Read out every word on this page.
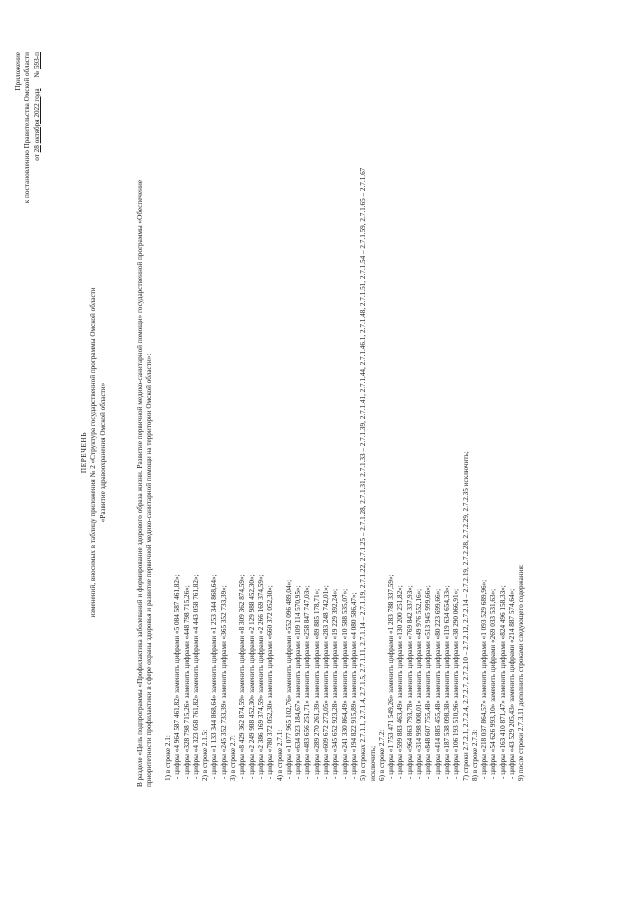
Приложение к постановлению Правительства Омской области от 28 октября 2022 года      № 593-п
ПЕРЕЧЕНЬ изменений, вносимых в таблицу приложения № 2 «Структура государственной программы Омской области «Развитие здравоохранения Омской области»	В разделе «Цель подпрограммы «Профилактика заболеваний и формирование здорового образа жизни. Развитие первичной медико-санитарной помощи» государственной программы «Обеспечение приоритетности профилактики в сфере охраны здоровья и развитие первичной медико-санитарной помощи на территории Омской области»: 1) в строке 2.1: - цифры «4 964 587 461,82» заменить цифрами «5 084 587 461,82»; - цифры «328 798 715,26» заменить цифрами «448 798 715,26»; - цифры «4 323 058 761,82» заменить цифрами «4 443 058 761,82»; 2) в строке 2.1.5: - цифры «1 133 344 868,64» заменить цифрами «1 253 344 868,64»; - цифры «245 352 733,39» заменить цифрами «365 352 733,39»; 3) в строке 2.7: - цифры «8 429 362 874,59» заменить цифрами «8 309 362 874,59»; - цифры «2 249 988 452,30» заменить цифрами «2 129 988 452,30»; - цифры «2 386 169 374,59» заменить цифрами «2 266 169 374,59»; - цифры «780 372 052,30» заменить цифрами «660 372 052,30»; 4) в строке 2.7.1: - цифры «1 077 965 102,76» заменить цифрами «552 096 489,04»; - цифры «634 923 184,67» заменить цифрами «109 114 570,95»; - цифры «483 656 251,71» заменить цифрами «258 847 747,03»; - цифры «289 270 261,39» заменить цифрами «89 885 178,71»; - цифры «609 672 273,05» заменить цифрами «283 248 742,01»; - цифры «345 652 923,28» заменить цифрами «19 229 392,24»; - цифры «241 330 864,49» заменить цифрами «10 588 535,07»; - цифры «194 822 915,89» заменить цифрами «4 080 586,47»; 5) в строках 2.7.1.1, 2.7.1.4, 2.7.1.5, 2.7.1.11, 2.7.1.14 – 2.7.1.19, 2.7.1.22, 2.7.1.25 – 2.7.1.28, 2.7.1.31, 2.7.1.33 – 2.7.1.39, 2.7.1.41, 2.7.1.44, 2.7.1.46.1, 2.7.1.48, 2.7.1.51, 2.7.1.54 – 2.7.1.59, 2.7.1.65 – 2.7.1.67 исключить; 6) в строке 2.7.2: - цифры «1 753 471 549,26» заменить цифрами «1 283 788 337,59»; - цифры «599 883 463,49» заменить цифрами «130 200 251,82»; - цифры «964 863 793,78» заменить цифрами «769 842 337,93»; - цифры «314 998 008,01» заменить цифрами «49 976 552,16»; - цифры «848 607 755,48» заменить цифрами «513 945 999,66»; - цифры «414 885 455,48» заменить цифрами «80 223 699,66»; - цифры «187 538 098,38» заменить цифрами «119 634 654,33»; - цифры «106 193 510,96» заменить цифрами «38 290 066,91»; 7) строки 2.7.2.1, 2.7.2.4, 2.7.2.7, 2.7.2.10 – 2.7.2.12, 2.7.2.14 – 2.7.2.19, 2.7.2.28, 2.7.2.29, 2.7.2.35 исключить; 8) в строке 2.7.3: - цифры «218 037 864,57» заменить цифрами «1 093 529 689,96»; - цифры «54 626 993,10» заменить цифрами «269 033 531,63»; - цифры «163 410 871,47» заменить цифрами «824 496 158,33»; - цифры «43 529 205,43» заменить цифрами «214 887 574,64»; 9) после строки 2.7.3.11 дополнить строками следующего содержания:
